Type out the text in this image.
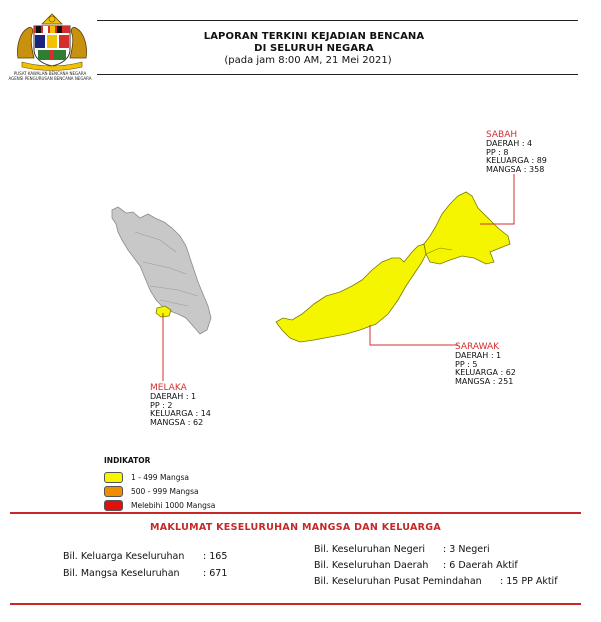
PUSAT KAWALAN BENCANA NEGARA
AGENSI PENGURUSAN BENCANA NEGARA
LAPORAN TERKINI KEJADIAN BENCANA
DI SELURUH NEGARA
(pada jam 8:00 AM, 21 Mei 2021)
SABAH
DAERAH : 4
PP : 8
KELUARGA : 89
MANGSA : 358
SARAWAK
DAERAH : 1
PP : 5
KELUARGA : 62
MANGSA : 251
MELAKA
DAERAH : 1
PP : 2
KELUARGA : 14
MANGSA : 62
INDIKATOR
1 - 499 Mangsa
500 - 999 Mangsa
Melebihi 1000 Mangsa
MAKLUMAT KESELURUHAN MANGSA DAN KELUARGA
Bil. Keluarga Keseluruhan : 165
Bil. Mangsa Keseluruhan : 671
Bil. Keseluruhan Negeri : 3 Negeri
Bil. Keseluruhan Daerah : 6 Daerah Aktif
Bil. Keseluruhan Pusat Pemindahan : 15 PP Aktif
